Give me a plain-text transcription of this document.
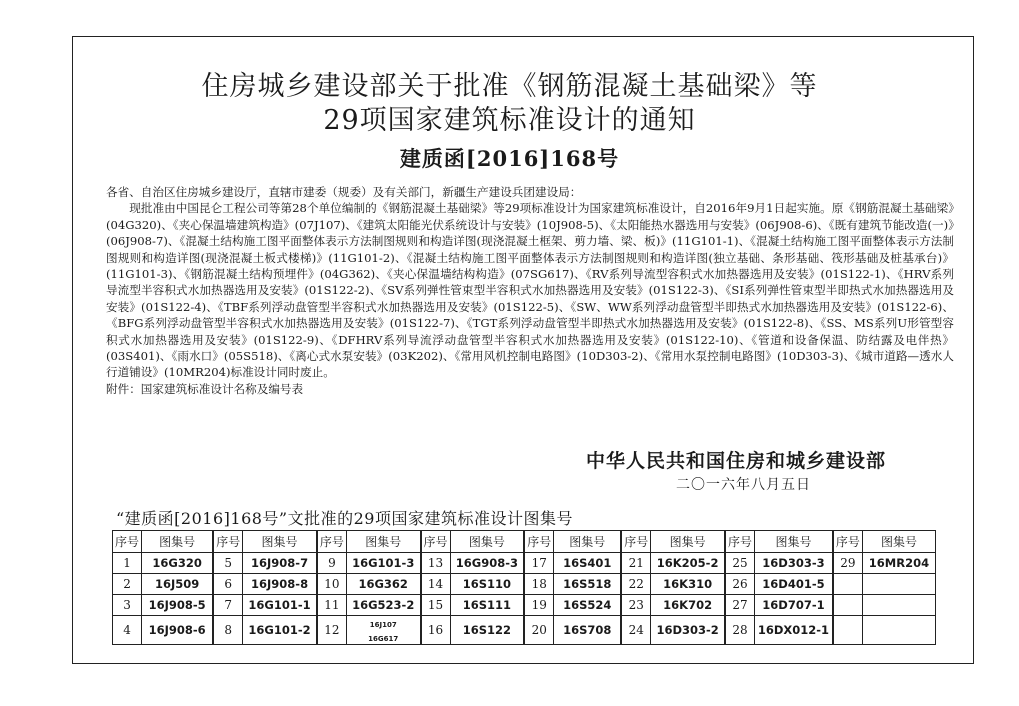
住房城乡建设部关于批准《钢筋混凝土基础梁》等
29项国家建筑标准设计的通知
建质函[2016]168号

各省、自治区住房城乡建设厅，直辖市建委（规委）及有关部门，新疆生产建设兵团建设局：

现批准由中国昆仑工程公司等第28个单位编制的《钢筋混凝土基础梁》等29项标准设计为国家建筑标准设计，自2016年9月1日起实施。原《钢筋混凝土基础梁》(04G320)、《夹心保温墙建筑构造》(07J107)、《建筑太阳能光伏系统设计与安装》(10J908-5)、《太阳能热水器选用与安装》(06J908-6)、《既有建筑节能改造(一)》(06J908-7)、《混凝土结构施工图平面整体表示方法制图规则和构造详图(现浇混凝土框架、剪力墙、梁、板)》(11G101-1)、《混凝土结构施工图平面整体表示方法制图规则和构造详图(现浇混凝土板式楼梯)》(11G101-2)、《混凝土结构施工图平面整体表示方法制图规则和构造详图(独立基础、条形基础、筏形基础及桩基承台)》(11G101-3)、《钢筋混凝土结构预埋件》(04G362)、《夹心保温墙结构构造》(07SG617)、《RV系列导流型容积式水加热器选用及安装》(01S122-1)、《HRV系列导流型半容积式水加热器选用及安装》(01S122-2)、《SV系列弹性管束型半容积式水加热器选用及安装》(01S122-3)、《SI系列弹性管束型半即热式水加热器选用及安装》(01S122-4)、《TBF系列浮动盘管型半容积式水加热器选用及安装》(01S122-5)、《SW、WW系列浮动盘管型半即热式水加热器选用及安装》(01S122-6)、《BFG系列浮动盘管型半容积式水加热器选用及安装》(01S122-7)、《TGT系列浮动盘管型半即热式水加热器选用及安装》(01S122-8)、《SS、MS系列U形管型容积式水加热器选用及安装》(01S122-9)、《DFHRV系列导流浮动盘管型半容积式水加热器选用及安装》(01S122-10)、《管道和设备保温、防结露及电伴热》(03S401)、《雨水口》(05S518)、《离心式水泵安装》(03K202)、《常用风机控制电路图》(10D303-2)、《常用水泵控制电路图》(10D303-3)、《城市道路—透水人行道铺设》(10MR204)标准设计同时废止。

附件：国家建筑标准设计名称及编号表

中华人民共和国住房和城乡建设部
二〇一六年八月五日
“建质函[2016]168号”文批准的29项国家建筑标准设计图集号
序号	图集号	序号	图集号	序号	图集号	序号	图集号	序号	图集号	序号	图集号	序号	图集号	序号	图集号
1	16G320	5	16J908-7	9	16G101-3	13	16G908-3	17	16S401	21	16K205-2	25	16D303-3	29	16MR204
2	16J509	6	16J908-8	10	16G362	14	16S110	18	16S518	22	16K310	26	16D401-5		
3	16J908-5	7	16G101-1	11	16G523-2	15	16S111	19	16S524	23	16K702	27	16D707-1		
4	16J908-6	8	16G101-2	12	16J107
16G617	16	16S122	20	16S708	24	16D303-2	28	16DX012-1		
